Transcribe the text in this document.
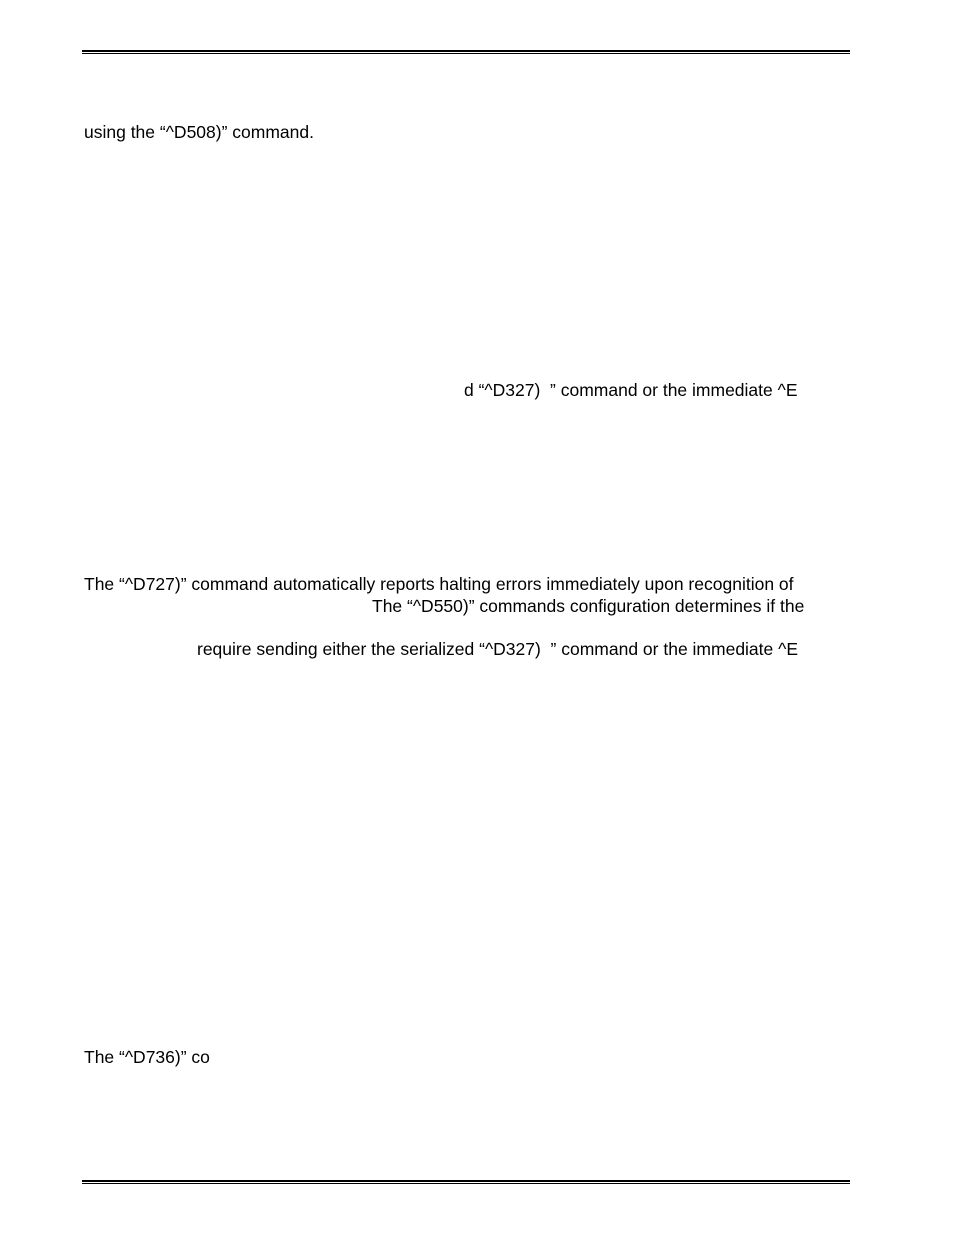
using the “^D508)” command.
d “^D327)  ” command or the immediate ^E
The “^D727)” command automatically reports halting errors immediately upon recognition of
The “^D550)” commands configuration determines if the
require sending either the serialized “^D327)  ” command or the immediate ^E
The “^D736)” co
